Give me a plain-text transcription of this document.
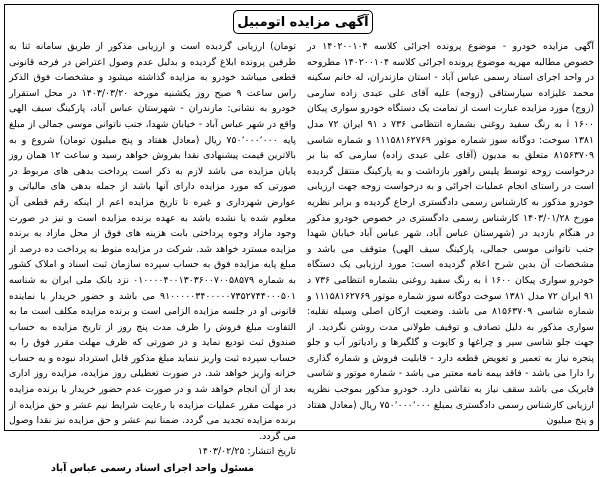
آگهی مزایده اتومبیل

آگهی مزایده خودرو - موضوع پرونده اجرائی کلاسه ۱۴۰۲۰۰۱۰۴ در خصوص مطالبه مهریه موضوع پرونده اجرائی کلاسه ۱۴۰۲۰۰۱۰۴ مطروحه در واحد اجرای اسناد رسمی عباس آباد - استان مازندران، له خانم سکینه محمد علیزاده سیارستاقی (زوجه) علیه آقای علی عبدی زاده سارمی (زوج) مورد مزایده عبارت است از تمامت یک دستگاه خودرو سواری پیکان ۱۶۰۰ i به رنگ سفید روغنی بشماره انتظامی ۷۳۶ د ۹۱ ایران ۷۲ مدل ۱۳۸۱ سوخت: دوگانه سوز شماره موتور ۱۱۱۵۸۱۶۲۷۶۹ و شماره شاسی ۸۱۵۶۳۷۰۹ متعلق به مدیون (آقای علی عبدی زاده) سارمی که بنا بر درخواست زوجه توسط پلیس راهور بازداشت و به پارکینگ منتقل گردیده است در راستای انجام عملیات اجرائی و به درخواست زوجه جهت ارزیابی خودرو مذکور به کارشناس رسمی دادگستری ارجاع گردیده و برابر نظریه مورخ ۱۴۰۳/۰۱/۲۸ کارشناس رسمی دادگستری در خصوص خودرو مذکور در هنگام بازدید در (شهرستان عباس آباد، شهر عباس آباد خیابان شهدا جنب ناتوانی موسی جمالی، پارکینگ سیف الهی) متوقف می باشد و مشخصات آن بدین شرح اعلام گردیده است: مورد ارزیابی یک دستگاه خودرو سواری پیکان ۱۶۰۰ i به رنگ سفید روغنی بشماره انتظامی ۷۳۶ د ۹۱ ایران ۷۲ مدل ۱۳۸۱ سوخت دوگانه سوز شماره موتور ۱۱۱۵۸۱۶۲۷۶۹ و شماره شاسی ۸۱۵۶۳۷۰۹ می باشد. وضعیت ارکان اصلی وسیله نقلیه: سواری مذکور به دلیل تصادف و توقیف طولانی مدت روشن نگردید. از جهت جلو شاسی سپر و چراغها و کاپوت و گلگیرها و رادیاتور آب و جلو پنجره نیاز به تعمیر و تعویض قطعه دارد - قابلیت فروش و شماره گذاری را دارا می باشد - فاقد بیمه نامه معتبر می باشد - شماره موتور و شاسی فابریک می باشد سقف نیاز به نقاشی دارد. خودرو مذکور بموجب نظریه ارزیابی کارشناس رسمی دادگستری بمبلغ ۷۵۰٬۰۰۰٬۰۰۰ ریال (معادل هفتاد و پنج میلیون

تومان) ارزیابی گردیده است و ارزیابی مذکور از طریق سامانه ثنا به طرفین پرونده ابلاغ گردیده و بدلیل عدم وصول اعتراض در فرجه قانونی قطعی میباشد خودرو به مزایده گذاشته میشود و مشخصات فوق الذکر راس ساعت ۹ صبح روز یکشنبه مورخه ۱۴۰۳/۰۳/۲۰ در محل استقرار خودرو به نشانی: مازندران - شهرستان عباس آباد، پارکینگ سیف الهی واقع در شهر عباس آباد - خیابان شهدا، جنب ناتوانی موسی جمالی از مبلغ پایه ۷۵۰٬۰۰۰٬۰۰۰ ریال (معادل هفتاد و پنج میلیون تومان) شروع و به بالاترین قیمت پیشنهادی نقدا بفروش خواهد رسید و ساعت ۱۲ همان روز پایان مزایده می باشد لازم به ذکر است پرداخت بدهی های مربوط در صورتی که مورد مزایده دارای آنها باشد از جمله بدهی های مالیاتی و عوارض شهرداری و غیره تا تاریخ مزایده اعم از اینکه رقم قطعی آن معلوم شده یا نشده باشد به عهده برنده مزایده است و نیز در صورت وجود مازاد وجوه پرداختی بابت هزینه های فوق از محل مازاد به برنده مزایده مسترد خواهد شد. شرکت در مزایده منوط به پرداخت ده درصد از مبلغ پایه مزایده فوق به حساب سپرده سازمان ثبت اسناد و املاک کشور به شماره ۰۱۰۰۰۰۴۰۰۱۳۰۳۶۰۰۷۰۰۵۸۵۷۹ نزد بانک ملی ایران به شناسه ۹۱۰۰۰۰۰۳۴۰۰۰۰۰۷۳۵۲۷۴۴۰۰۰۵۰۱ می باشد و حضور خریدار یا نماینده قانونی او در جلسه مزایده الزامی است و برنده مزایده مکلف است ما به التفاوت مبلغ فروش را ظرف مدت پنج روز از تاریخ مزایده به حساب صندوق ثبت تودیع نماید و در صورتی که ظرف مهلت مقرر فوق را به حساب سپرده ثبت واریز ننماید مبلغ مذکور قابل استرداد نبوده و به حساب خزانه واریز خواهد شد. در صورت تعطیلی روز مزایده، مزایده روز اداری بعد از آن انجام خواهد شد و در صورت عدم حضور خریدار یا برنده مزایده در مهلت مقرر عملیات مزایده با رعایت شرایط نیم عشر و حق مزایده از برنده مزایده تجدید می گردد. ضمنا نیم عشر و حق مزایده نیز نقدا وصول می گردد.

تاریخ انتشار: ۱۴۰۳/۰۲/۲۵

مسئول واحد اجرای اسناد رسمی عباس آباد
